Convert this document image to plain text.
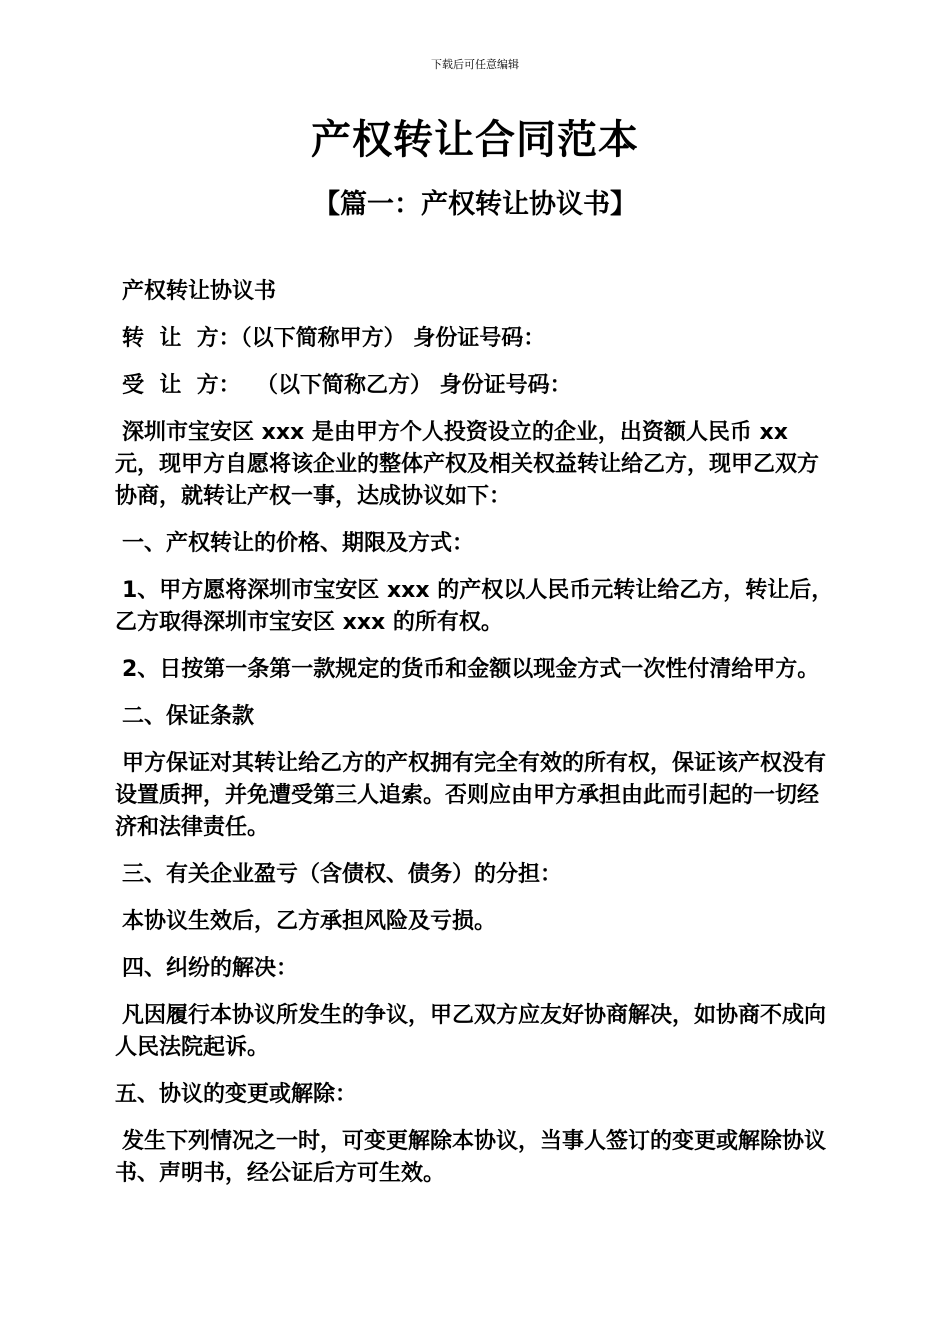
下载后可任意编辑
产权转让合同范本
【篇一：产权转让协议书】

产权转让协议书

转  让  方：（以下简称甲方） 身份证号码：

受  让  方：  （以下简称乙方） 身份证号码：

深圳市宝安区 xxx 是由甲方个人投资设立的企业，出资额人民币 xx 元，现甲方自愿将该企业的整体产权及相关权益转让给乙方，现甲乙双方协商，就转让产权一事，达成协议如下：

一、产权转让的价格、期限及方式：

1、甲方愿将深圳市宝安区 xxx 的产权以人民币元转让给乙方，转让后，乙方取得深圳市宝安区 xxx 的所有权。

2、日按第一条第一款规定的货币和金额以现金方式一次性付清给甲方。

二、保证条款

甲方保证对其转让给乙方的产权拥有完全有效的所有权，保证该产权没有设置质押，并免遭受第三人追索。否则应由甲方承担由此而引起的一切经济和法律责任。

三、有关企业盈亏（含债权、债务）的分担：

本协议生效后，乙方承担风险及亏损。

四、纠纷的解决：

凡因履行本协议所发生的争议，甲乙双方应友好协商解决，如协商不成向人民法院起诉。

五、协议的变更或解除：

发生下列情况之一时，可变更解除本协议，当事人签订的变更或解除协议书、声明书，经公证后方可生效。
